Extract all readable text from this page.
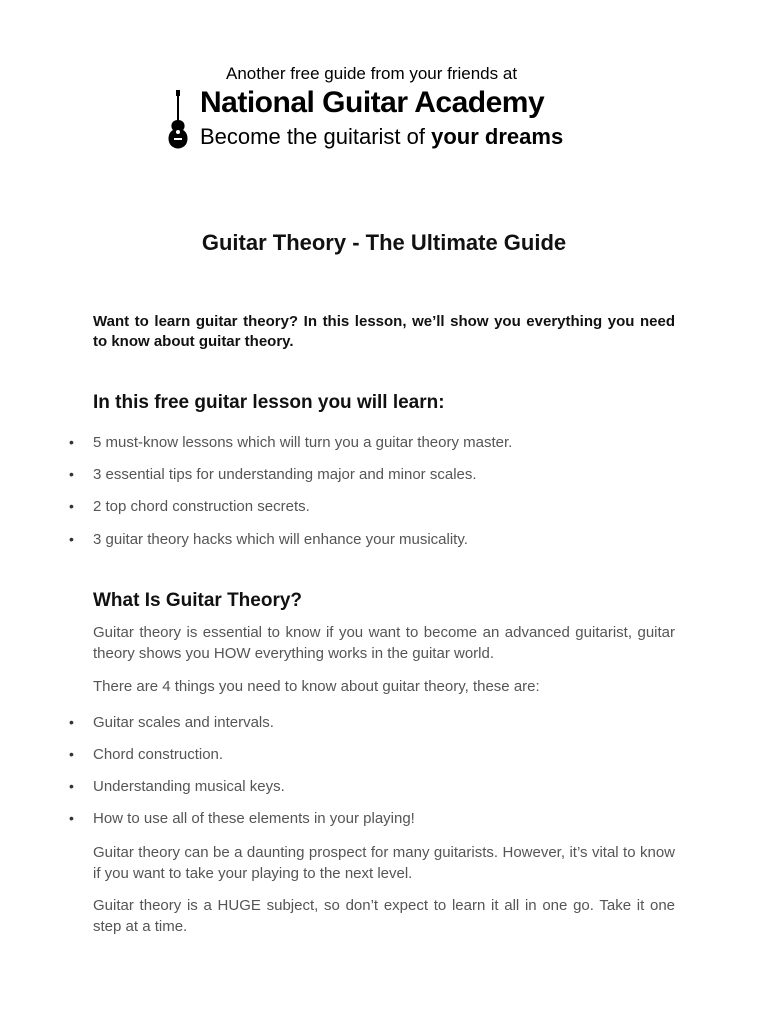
Another free guide from your friends at
National Guitar Academy
Become the guitarist of your dreams
Guitar Theory - The Ultimate Guide
Want to learn guitar theory? In this lesson, we’ll show you everything you need to know about guitar theory.
In this free guitar lesson you will learn:
• 5 must-know lessons which will turn you a guitar theory master.
• 3 essential tips for understanding major and minor scales.
• 2 top chord construction secrets.
• 3 guitar theory hacks which will enhance your musicality.
What Is Guitar Theory?
Guitar theory is essential to know if you want to become an advanced guitarist, guitar theory shows you HOW everything works in the guitar world.
There are 4 things you need to know about guitar theory, these are:
• Guitar scales and intervals.
• Chord construction.
• Understanding musical keys.
• How to use all of these elements in your playing!
Guitar theory can be a daunting prospect for many guitarists. However, it’s vital to know if you want to take your playing to the next level.
Guitar theory is a HUGE subject, so don’t expect to learn it all in one go. Take it one step at a time.
